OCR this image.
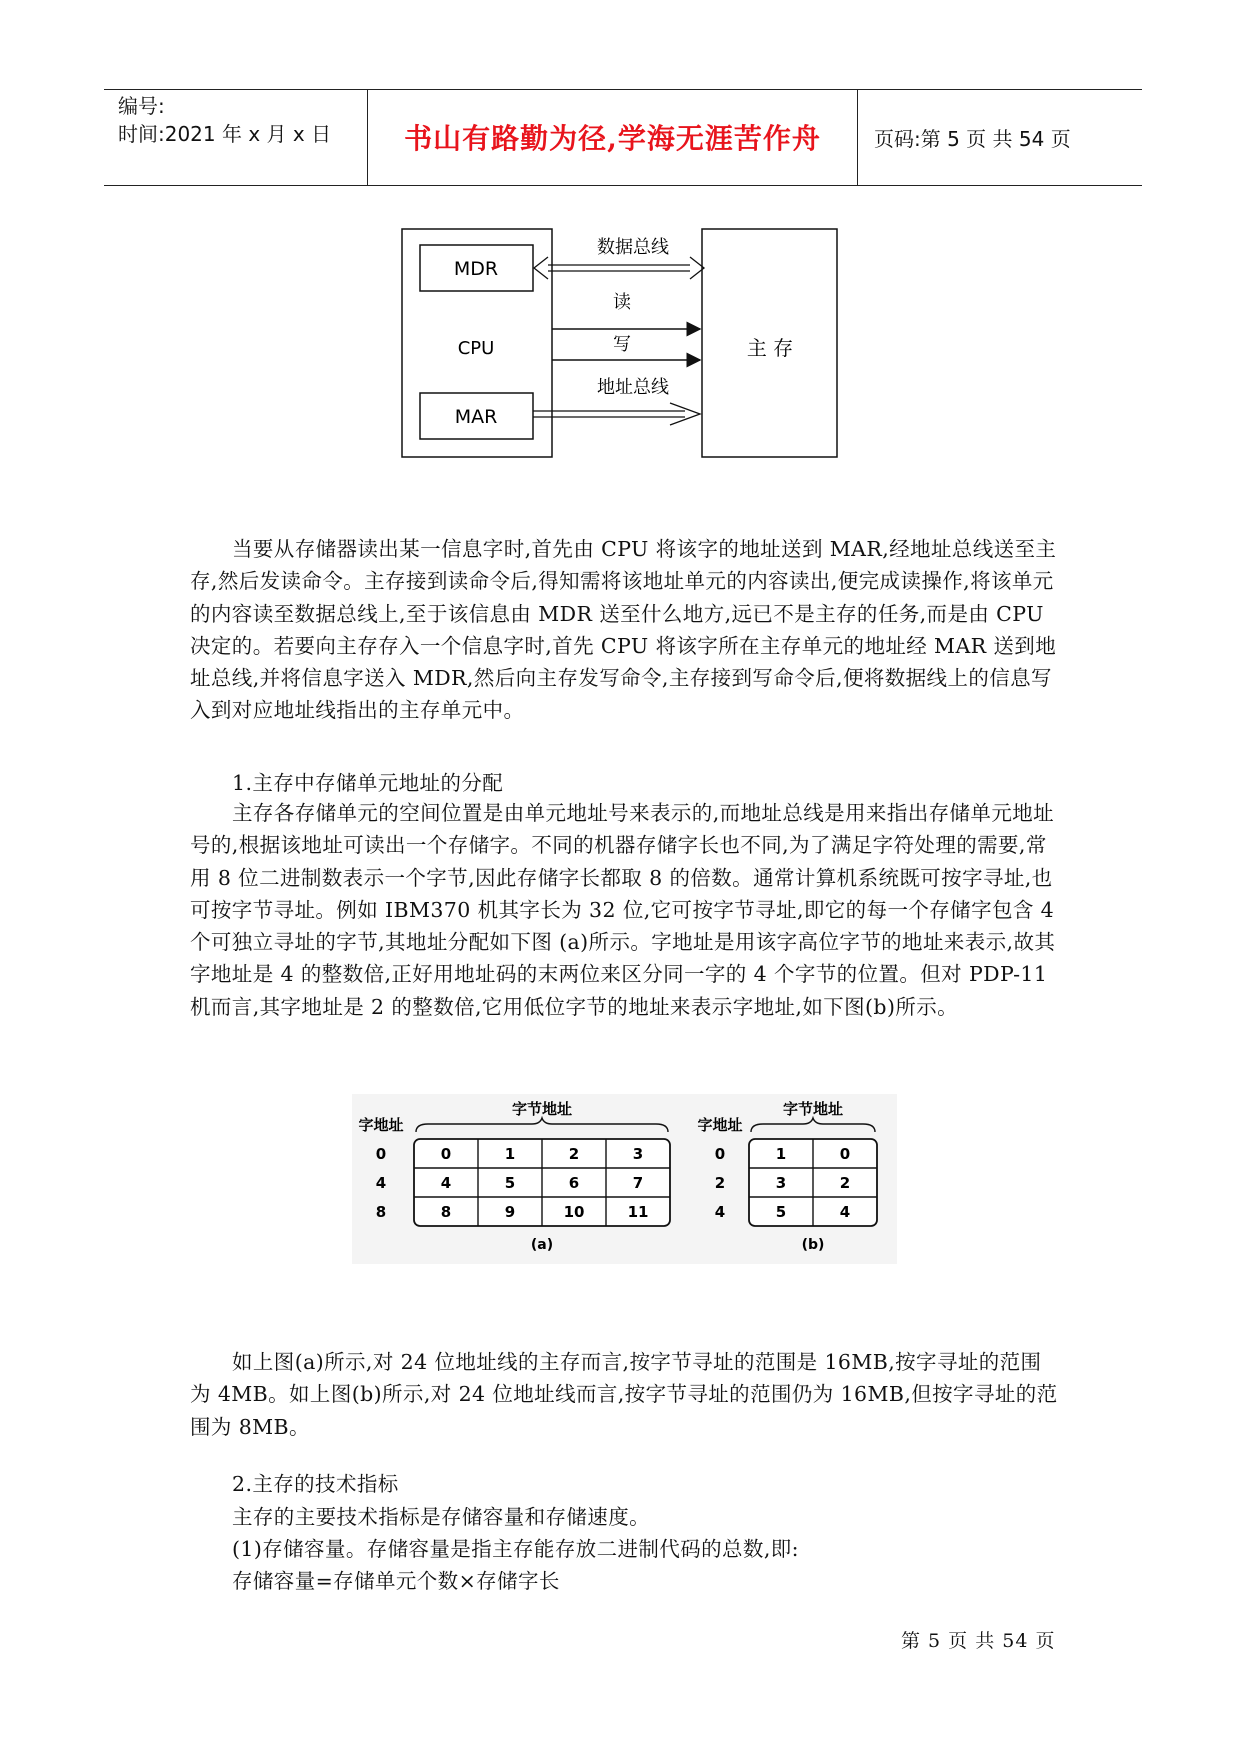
编号:
时间:2021 年 x 月 x 日	书山有路勤为径,学海无涯苦作舟	页码:第 5 页 共 54 页
MDR
CPU
MAR
主 存
数据总线
读
写
地址总线
当要从存储器读出某一信息字时,首先由 CPU 将该字的地址送到 MAR,经地址总线送至主存,然后发读命令。主存接到读命令后,得知需将该地址单元的内容读出,便完成读操作,将该单元的内容读至数据总线上,至于该信息由 MDR 送至什么地方,远已不是主存的任务,而是由 CPU 决定的。若要向主存存入一个信息字时,首先 CPU 将该字所在主存单元的地址经 MAR 送到地址总线,并将信息字送入 MDR,然后向主存发写命令,主存接到写命令后,便将数据线上的信息写入到对应地址线指出的主存单元中。
1.主存中存储单元地址的分配
主存各存储单元的空间位置是由单元地址号来表示的,而地址总线是用来指出存储单元地址号的,根据该地址可读出一个存储字。不同的机器存储字长也不同,为了满足字符处理的需要,常用 8 位二进制数表示一个字节,因此存储字长都取 8 的倍数。通常计算机系统既可按字寻址,也可按字节寻址。例如 IBM370 机其字长为 32 位,它可按字节寻址,即它的每一个存储字包含 4 个可独立寻址的字节,其地址分配如下图 (a)所示。字地址是用该字高位字节的地址来表示,故其字地址是 4 的整数倍,正好用地址码的末两位来区分同一字的 4 个字节的位置。但对 PDP-11 机而言,其字地址是 2 的整数倍,它用低位字节的地址来表示字地址,如下图(b)所示。
字地址
字节地址
0	0	1	2	3
4	4	5	6	7
8	8	9	10	11
(a)
字地址
字节地址
0	1	0
2	3	2
4	5	4
(b)
如上图(a)所示,对 24 位地址线的主存而言,按字节寻址的范围是 16MB,按字寻址的范围为 4MB。如上图(b)所示,对 24 位地址线而言,按字节寻址的范围仍为 16MB,但按字寻址的范围为 8MB。
2.主存的技术指标
主存的主要技术指标是存储容量和存储速度。
(1)存储容量。存储容量是指主存能存放二进制代码的总数,即:
存储容量=存储单元个数×存储字长
第 5 页 共 54 页
